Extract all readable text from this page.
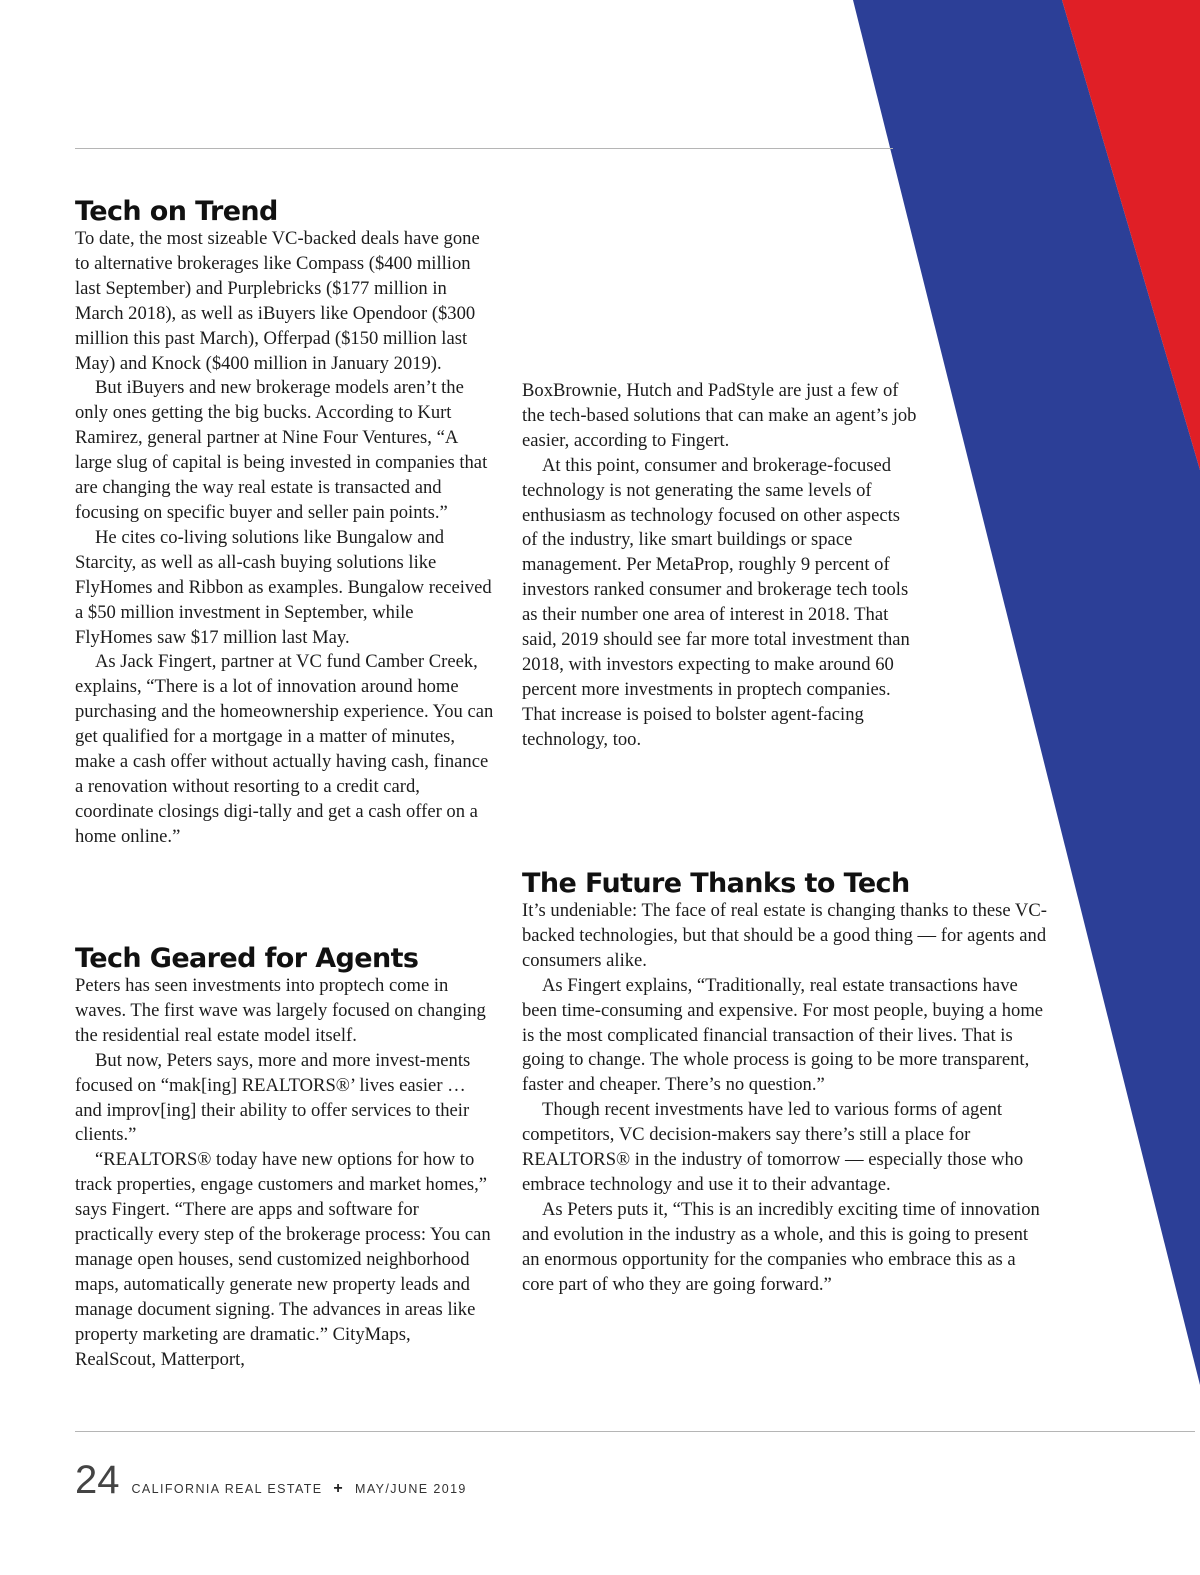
Tech on Trend

To date, the most sizeable VC-backed deals have gone to alternative brokerages like Compass ($400 million last September) and Purplebricks ($177 million in March 2018), as well as iBuyers like Opendoor ($300 million this past March), Offerpad ($150 million last May) and Knock ($400 million in January 2019).

But iBuyers and new brokerage models aren’t the only ones getting the big bucks. According to Kurt Ramirez, general partner at Nine Four Ventures, “A large slug of capital is being invested in companies that are changing the way real estate is transacted and focusing on specific buyer and seller pain points.”

He cites co-living solutions like Bungalow and Starcity, as well as all-cash buying solutions like FlyHomes and Ribbon as examples. Bungalow received a $50 million investment in September, while FlyHomes saw $17 million last May.

As Jack Fingert, partner at VC fund Camber Creek, explains, “There is a lot of innovation around home purchasing and the homeownership experience. You can get qualified for a mortgage in a matter of minutes, make a cash offer without actually having cash, finance a renovation without resorting to a credit card, coordinate closings digi-tally and get a cash offer on a home online.”

Tech Geared for Agents

Peters has seen investments into proptech come in waves. The first wave was largely focused on changing the residential real estate model itself.

But now, Peters says, more and more invest-ments focused on “mak[ing] REALTORS®’ lives easier … and improv[ing] their ability to offer services to their clients.”

“REALTORS® today have new options for how to track properties, engage customers and market homes,” says Fingert. “There are apps and software for practically every step of the brokerage process: You can manage open houses, send customized neighborhood maps, automatically generate new property leads and manage document signing. The advances in areas like property marketing are dramatic.” CityMaps, RealScout, Matterport,

BoxBrownie, Hutch and PadStyle are just a few of the tech-based solutions that can make an agent’s job easier, according to Fingert.

At this point, consumer and brokerage-focused technology is not generating the same levels of enthusiasm as technology focused on other aspects of the industry, like smart buildings or space management. Per MetaProp, roughly 9 percent of investors ranked consumer and brokerage tech tools as their number one area of interest in 2018. That said, 2019 should see far more total investment than 2018, with investors expecting to make around 60 percent more investments in proptech companies. That increase is poised to bolster agent-facing technology, too.

The Future Thanks to Tech

It’s undeniable: The face of real estate is changing thanks to these VC-backed technologies, but that should be a good thing — for agents and consumers alike.

As Fingert explains, “Traditionally, real estate transactions have been time-consuming and expensive. For most people, buying a home is the most complicated financial transaction of their lives. That is going to change. The whole process is going to be more transparent, faster and cheaper. There’s no question.”

Though recent investments have led to various forms of agent competitors, VC decision-makers say there’s still a place for REALTORS® in the industry of tomorrow — especially those who embrace technology and use it to their advantage.

As Peters puts it, “This is an incredibly exciting time of innovation and evolution in the industry as a whole, and this is going to present an enormous opportunity for the companies who embrace this as a core part of who they are going forward.”

24 CALIFORNIA REAL ESTATE + MAY/JUNE 2019
